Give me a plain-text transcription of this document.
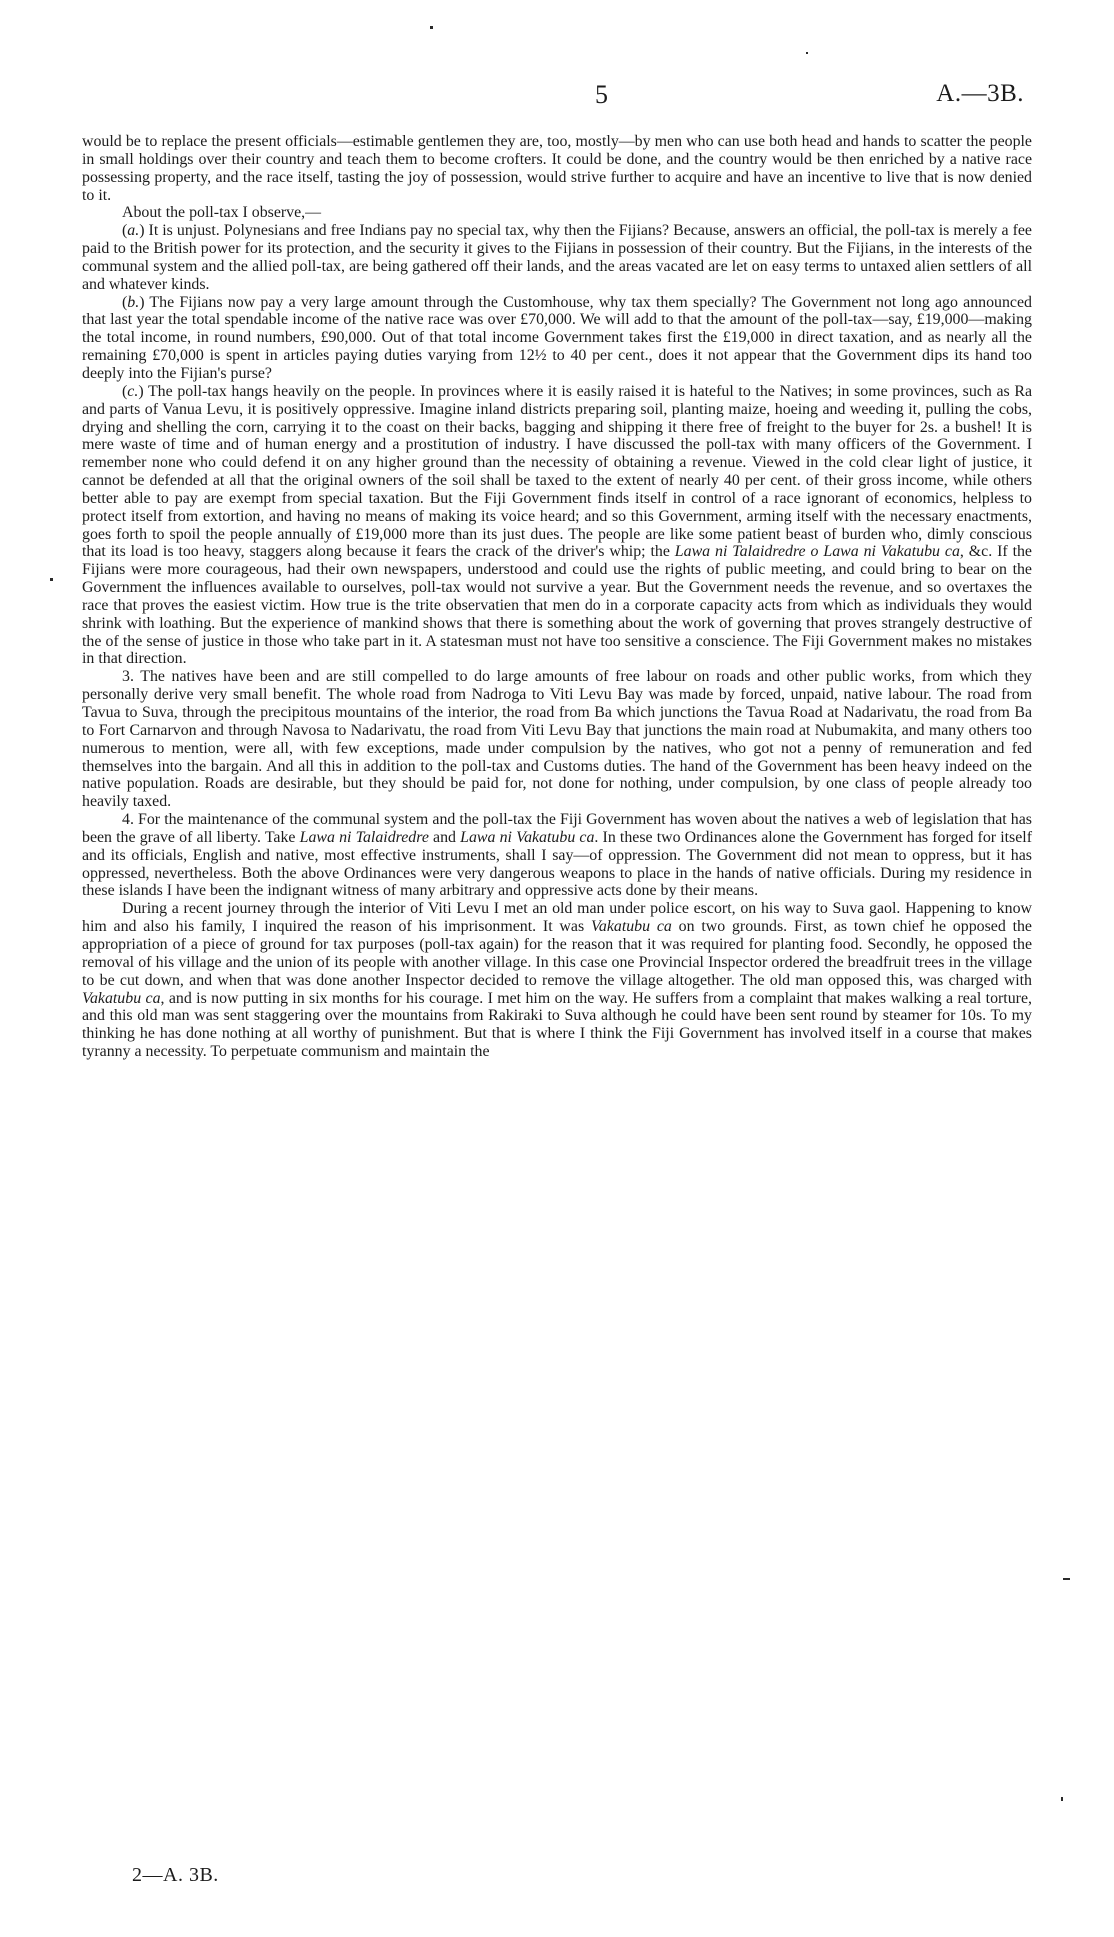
5	A.—3B.

would be to replace the present officials—estimable gentlemen they are, too, mostly—by men who can use both head and hands to scatter the people in small holdings over their country and teach them to become crofters. It could be done, and the country would be then enriched by a native race possessing property, and the race itself, tasting the joy of possession, would strive further to acquire and have an incentive to live that is now denied to it.

About the poll-tax I observe,—

(a.) It is unjust. Polynesians and free Indians pay no special tax, why then the Fijians? Because, answers an official, the poll-tax is merely a fee paid to the British power for its protection, and the security it gives to the Fijians in possession of their country. But the Fijians, in the interests of the communal system and the allied poll-tax, are being gathered off their lands, and the areas vacated are let on easy terms to untaxed alien settlers of all and whatever kinds.

(b.) The Fijians now pay a very large amount through the Customhouse, why tax them specially? The Government not long ago announced that last year the total spendable income of the native race was over £70,000. We will add to that the amount of the poll-tax—say, £19,000—making the total income, in round numbers, £90,000. Out of that total income Government takes first the £19,000 in direct taxation, and as nearly all the remaining £70,000 is spent in articles paying duties varying from 12½ to 40 per cent., does it not appear that the Government dips its hand too deeply into the Fijian's purse?

(c.) The poll-tax hangs heavily on the people. In provinces where it is easily raised it is hateful to the Natives; in some provinces, such as Ra and parts of Vanua Levu, it is positively oppressive. Imagine inland districts preparing soil, planting maize, hoeing and weeding it, pulling the cobs, drying and shelling the corn, carrying it to the coast on their backs, bagging and shipping it there free of freight to the buyer for 2s. a bushel! It is mere waste of time and of human energy and a prostitution of industry. I have discussed the poll-tax with many officers of the Government. I remember none who could defend it on any higher ground than the necessity of obtaining a revenue. Viewed in the cold clear light of justice, it cannot be defended at all that the original owners of the soil shall be taxed to the extent of nearly 40 per cent. of their gross income, while others better able to pay are exempt from special taxation. But the Fiji Government finds itself in control of a race ignorant of economics, helpless to protect itself from extortion, and having no means of making its voice heard; and so this Government, arming itself with the necessary enactments, goes forth to spoil the people annually of £19,000 more than its just dues. The people are like some patient beast of burden who, dimly conscious that its load is too heavy, staggers along because it fears the crack of the driver's whip; the Lawa ni Talaidredre o Lawa ni Vakatubu ca, &c. If the Fijians were more courageous, had their own newspapers, understood and could use the rights of public meeting, and could bring to bear on the Government the influences available to ourselves, poll-tax would not survive a year. But the Government needs the revenue, and so overtaxes the race that proves the easiest victim. How true is the trite observatien that men do in a corporate capacity acts from which as individuals they would shrink with loathing. But the experience of mankind shows that there is something about the work of governing that proves strangely destructive of the of the sense of justice in those who take part in it. A statesman must not have too sensitive a conscience. The Fiji Government makes no mistakes in that direction.

3. The natives have been and are still compelled to do large amounts of free labour on roads and other public works, from which they personally derive very small benefit. The whole road from Nadroga to Viti Levu Bay was made by forced, unpaid, native labour. The road from Tavua to Suva, through the precipitous mountains of the interior, the road from Ba which junctions the Tavua Road at Nadarivatu, the road from Ba to Fort Carnarvon and through Navosa to Nadarivatu, the road from Viti Levu Bay that junctions the main road at Nubumakita, and many others too numerous to mention, were all, with few exceptions, made under compulsion by the natives, who got not a penny of remuneration and fed themselves into the bargain. And all this in addition to the poll-tax and Customs duties. The hand of the Government has been heavy indeed on the native population. Roads are desirable, but they should be paid for, not done for nothing, under compulsion, by one class of people already too heavily taxed.

4. For the maintenance of the communal system and the poll-tax the Fiji Government has woven about the natives a web of legislation that has been the grave of all liberty. Take Lawa ni Talaidredre and Lawa ni Vakatubu ca. In these two Ordinances alone the Government has forged for itself and its officials, English and native, most effective instruments, shall I say—of oppression. The Government did not mean to oppress, but it has oppressed, nevertheless. Both the above Ordinances were very dangerous weapons to place in the hands of native officials. During my residence in these islands I have been the indignant witness of many arbitrary and oppressive acts done by their means.

During a recent journey through the interior of Viti Levu I met an old man under police escort, on his way to Suva gaol. Happening to know him and also his family, I inquired the reason of his imprisonment. It was Vakatubu ca on two grounds. First, as town chief he opposed the appropriation of a piece of ground for tax purposes (poll-tax again) for the reason that it was required for planting food. Secondly, he opposed the removal of his village and the union of its people with another village. In this case one Provincial Inspector ordered the breadfruit trees in the village to be cut down, and when that was done another Inspector decided to remove the village altogether. The old man opposed this, was charged with Vakatubu ca, and is now putting in six months for his courage. I met him on the way. He suffers from a complaint that makes walking a real torture, and this old man was sent staggering over the mountains from Rakiraki to Suva although he could have been sent round by steamer for 10s. To my thinking he has done nothing at all worthy of punishment. But that is where I think the Fiji Government has involved itself in a course that makes tyranny a necessity. To perpetuate communism and maintain the

2—A. 3B.
